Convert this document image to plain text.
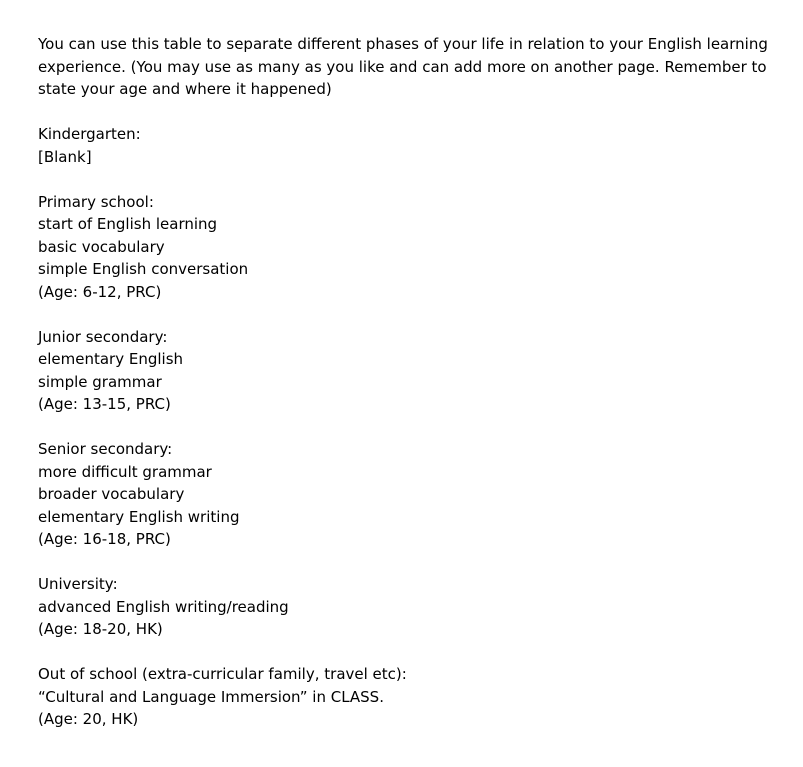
You can use this table to separate different phases of your life in relation to your English learning experience. (You may use as many as you like and can add more on another page. Remember to state your age and where it happened)

Kindergarten:
[Blank]
Primary school:
start of English learning
basic vocabulary
simple English conversation
(Age: 6-12, PRC)
Junior secondary:
elementary English
simple grammar
(Age: 13-15, PRC)
Senior secondary:
more difficult grammar
broader vocabulary
elementary English writing
(Age: 16-18, PRC)
University:
advanced English writing/reading
(Age: 18-20, HK)
Out of school (extra-curricular family, travel etc):
“Cultural and Language Immersion” in CLASS.
(Age: 20, HK)
